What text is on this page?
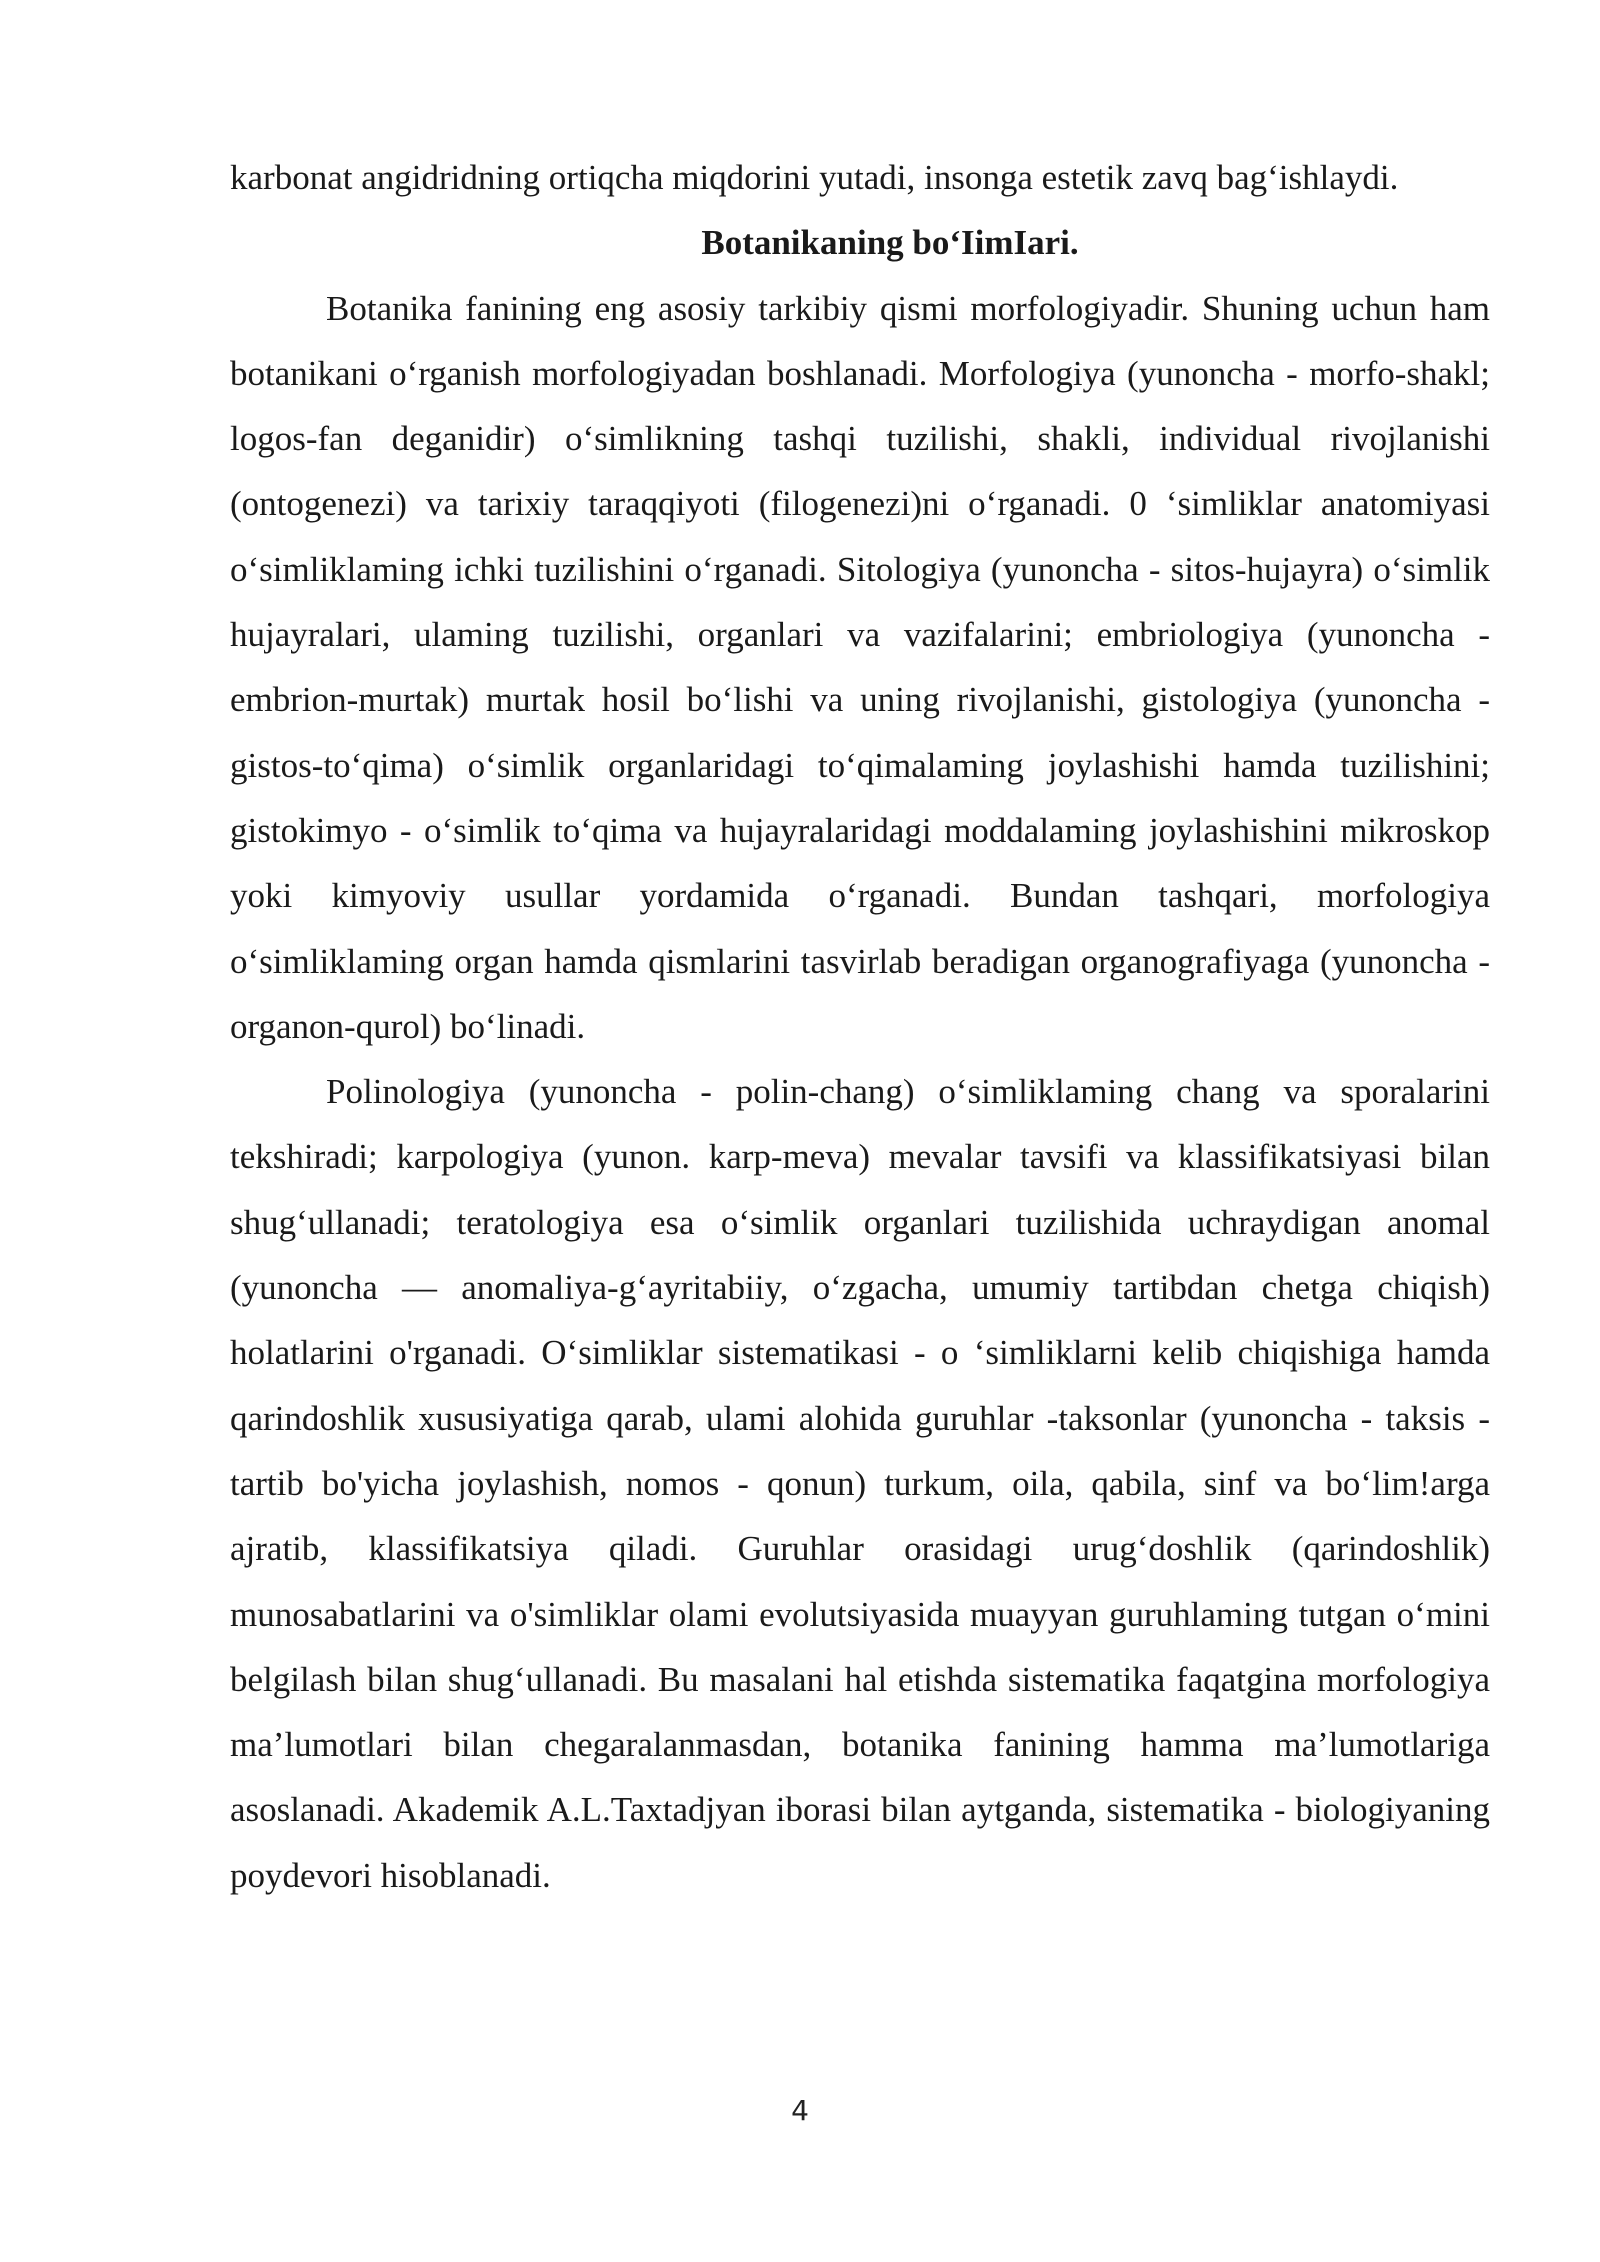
karbonat angidridning ortiqcha miqdorini yutadi, insonga estetik zavq bag‘ishlaydi.

Botanikaning bo‘IimIari.

Botanika fanining eng asosiy tarkibiy qismi morfologiyadir. Shuning uchun ham botanikani o‘rganish morfologiyadan boshlanadi. Morfologiya (yunoncha - morfo-shakl; logos-fan deganidir) o‘simlikning tashqi tuzilishi, shakli, individual rivojlanishi (ontogenezi) va tarixiy taraqqiyoti (filogenezi)ni o‘rganadi. 0 ‘simliklar anatomiyasi o‘simliklaming ichki tuzilishini o‘rganadi. Sitologiya (yunoncha - sitos-hujayra) o‘simlik hujayralari, ulaming tuzilishi, organlari va vazifalarini; embriologiya (yunoncha - embrion-murtak) murtak hosil bo‘lishi va uning rivojlanishi, gistologiya (yunoncha - gistos-to‘qima) o‘simlik organlaridagi to‘qimalaming joylashishi hamda tuzilishini; gistokimyo - o‘simlik to‘qima va hujayralaridagi moddalaming joylashishini mikroskop yoki kimyoviy usullar yordamida o‘rganadi. Bundan tashqari, morfologiya o‘simliklaming organ hamda qismlarini tasvirlab beradigan organografiyaga (yunoncha - organon-qurol) bo‘linadi.

Polinologiya (yunoncha - polin-chang) o‘simliklaming chang va sporalarini tekshiradi; karpologiya (yunon. karp-meva) mevalar tavsifi va klassifikatsiyasi bilan shug‘ullanadi; teratologiya esa o‘simlik organlari tuzilishida uchraydigan anomal (yunoncha — anomaliya-g‘ayritabiiy, o‘zgacha, umumiy tartibdan chetga chiqish) holatlarini o'rganadi. O‘simliklar sistematikasi - o ‘simliklarni kelib chiqishiga hamda qarindoshlik xususiyatiga qarab, ulami alohida guruhlar -taksonlar (yunoncha - taksis - tartib bo'yicha joylashish, nomos - qonun) turkum, oila, qabila, sinf va bo‘lim!arga ajratib, klassifikatsiya qiladi. Guruhlar orasidagi urug‘doshlik (qarindoshlik) munosabatlarini va o'simliklar olami evolutsiyasida muayyan guruhlaming tutgan o‘mini belgilash bilan shug‘ullanadi. Bu masalani hal etishda sistematika faqatgina morfologiya ma’lumotlari bilan chegaralanmasdan, botanika fanining hamma ma’lumotlariga asoslanadi. Akademik A.L.Taxtadjyan iborasi bilan aytganda, sistematika - biologiyaning poydevori hisoblanadi.

4
